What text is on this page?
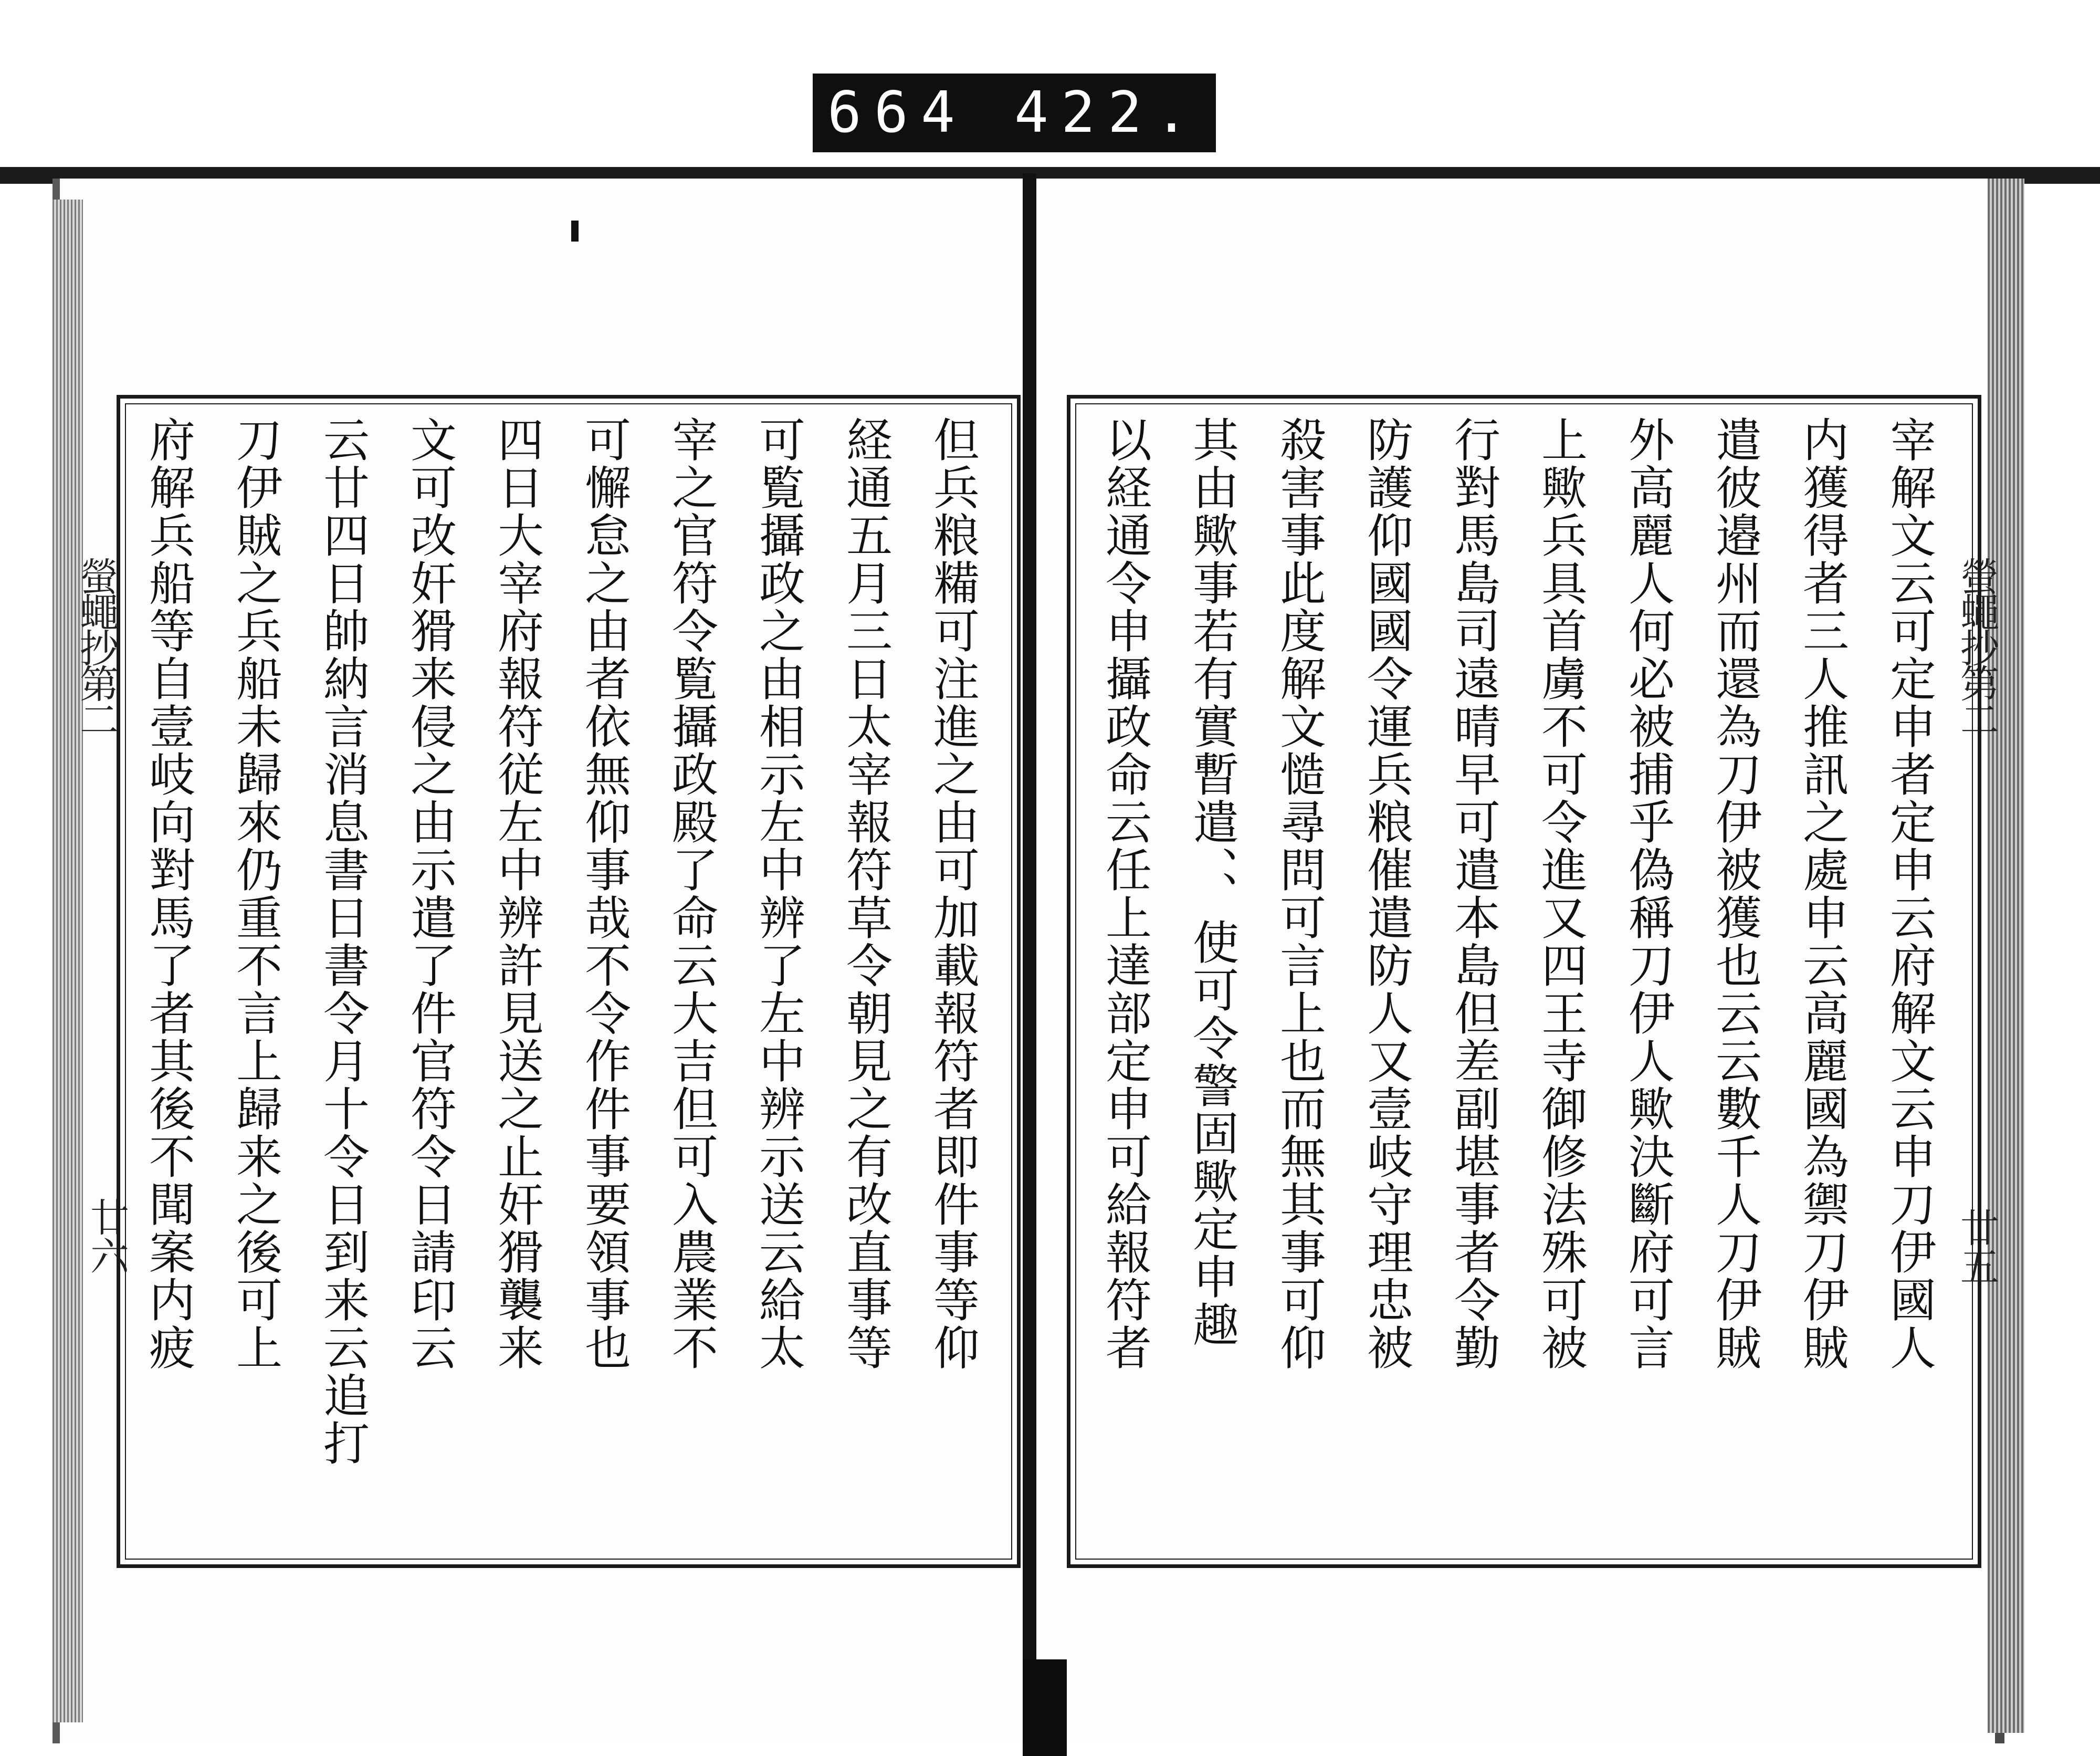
664 422.
螢蠅抄第二
廿六
螢蠅抄第二
廿五
但兵粮糒可注進之由可加載報符者即件事等仰
経通五月三日太宰報符草令朝見之有改直事等
可覧攝政之由相示左中辨了左中辨示送云給太
宰之官符令覧攝政殿了命云大吉但可入農業不
可懈怠之由者依無仰事哉不令作件事要領事也
四日大宰府報符従左中辨許見送之止奸猾襲来
文可改奸猾来侵之由示遣了件官符令日請印云
云廿四日帥納言消息書日書令月十令日到来云追打
刀伊賊之兵船未歸來仍重不言上歸来之後可上
府解兵船等自壹岐向對馬了者其後不聞案内疲	宰解文云可定申者定申云府解文云申刀伊國人
内獲得者三人推訊之處申云高麗國為禦刀伊賊
遣彼邉州而還為刀伊被獲也云云數千人刀伊賊
外高麗人何必被捕乎偽稱刀伊人歟決斷府可言
上歟兵具首虜不可令進又四王寺御修法殊可被
行對馬島司遠晴早可遣本島但差副堪事者令勤
防護仰國國令運兵粮催遣防人又壹岐守理忠被
殺害事此度解文慥尋問可言上也而無其事可仰
其由歟事若有實暫遣、、使可令警固歟定申趣
以経通令申攝政命云任上達部定申可給報符者
